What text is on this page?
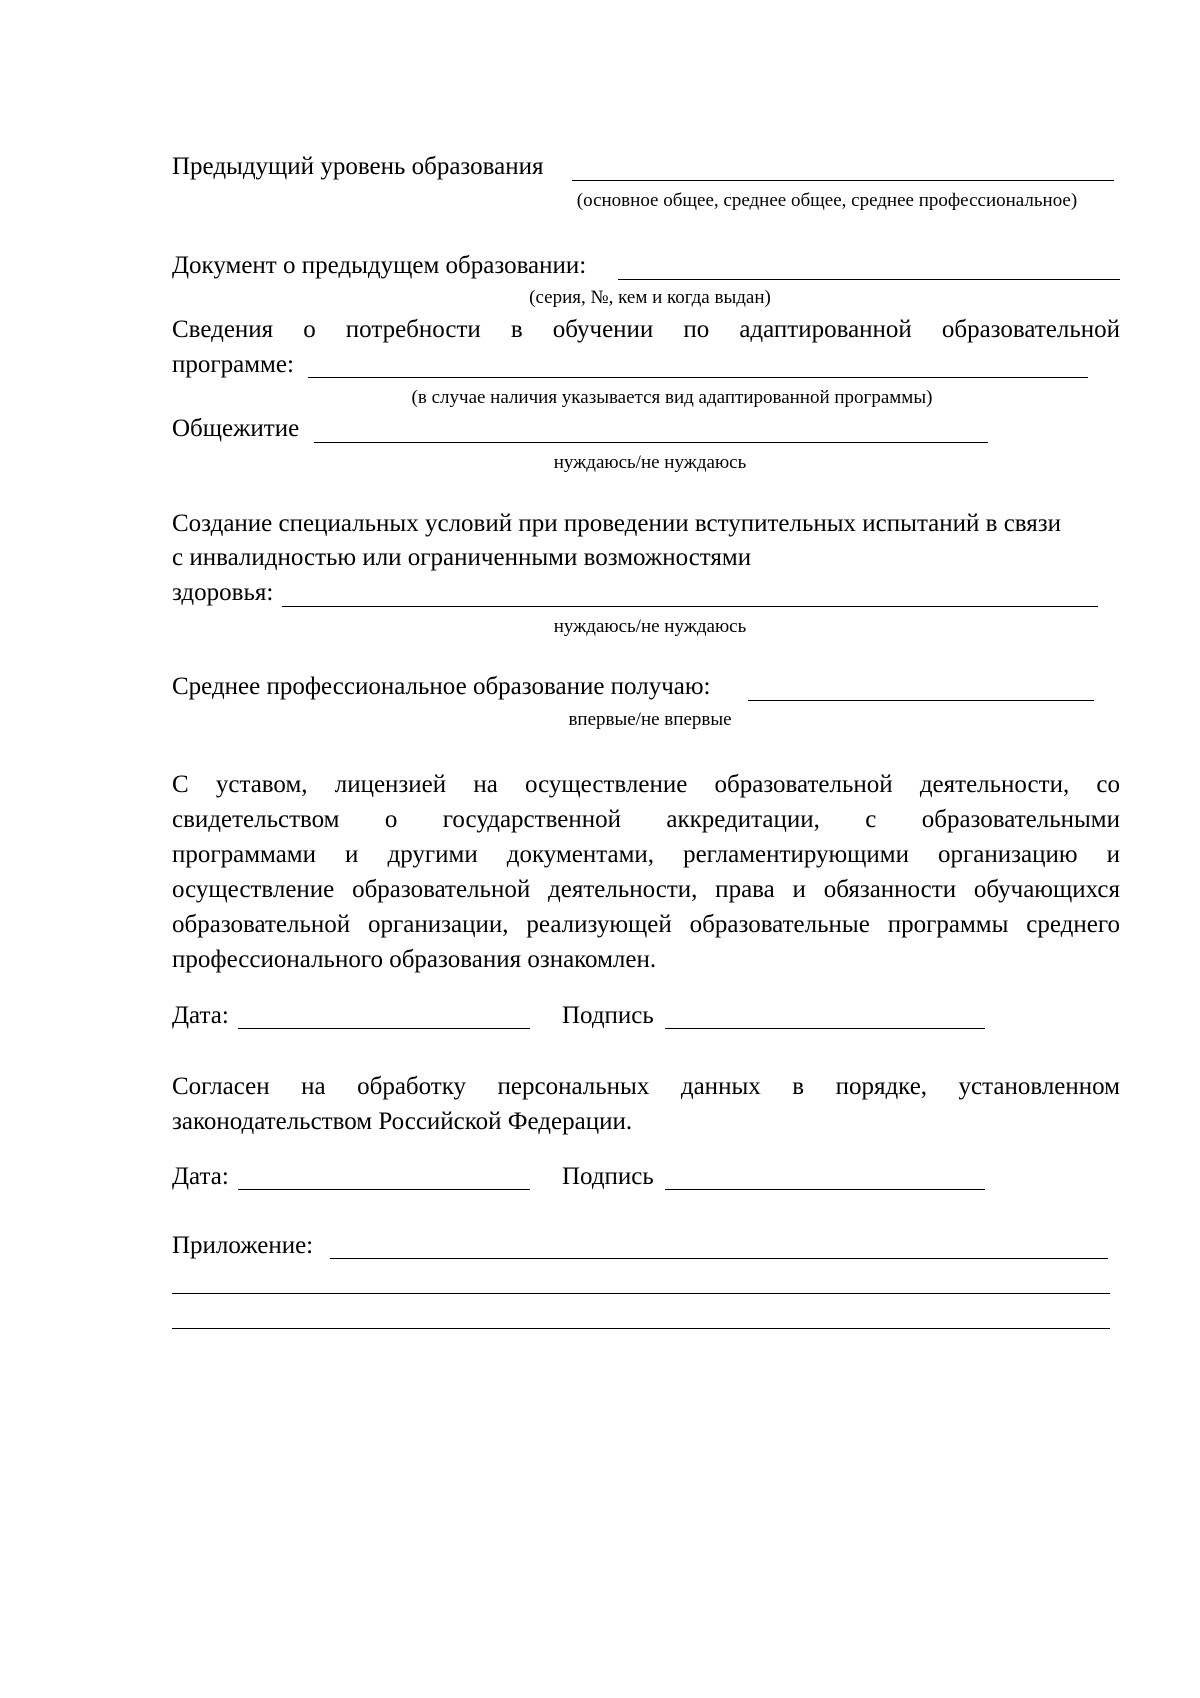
Предыдущий уровень образования
(основное общее, среднее общее, среднее профессиональное)
Документ о предыдущем образовании:
(серия, №, кем и когда выдан)
Сведения о потребности в обучении по адаптированной образовательной
программе:
(в случае наличия указывается вид адаптированной программы)
Общежитие
нуждаюсь/не нуждаюсь
Создание специальных условий при проведении вступительных испытаний в связи
с инвалидностью или ограниченными возможностями
здоровья:
нуждаюсь/не нуждаюсь
Среднее профессиональное образование получаю:
впервые/не впервые
С уставом, лицензией на осуществление образовательной деятельности, со
свидетельством о государственной аккредитации, с образовательными
программами и другими документами, регламентирующими организацию и
осуществление образовательной деятельности, права и обязанности обучающихся
образовательной организации, реализующей образовательные программы среднего
профессионального образования ознакомлен.
Дата:	Подпись
Согласен на обработку персональных данных в порядке, установленном
законодательством Российской Федерации.
Дата:	Подпись
Приложение:
